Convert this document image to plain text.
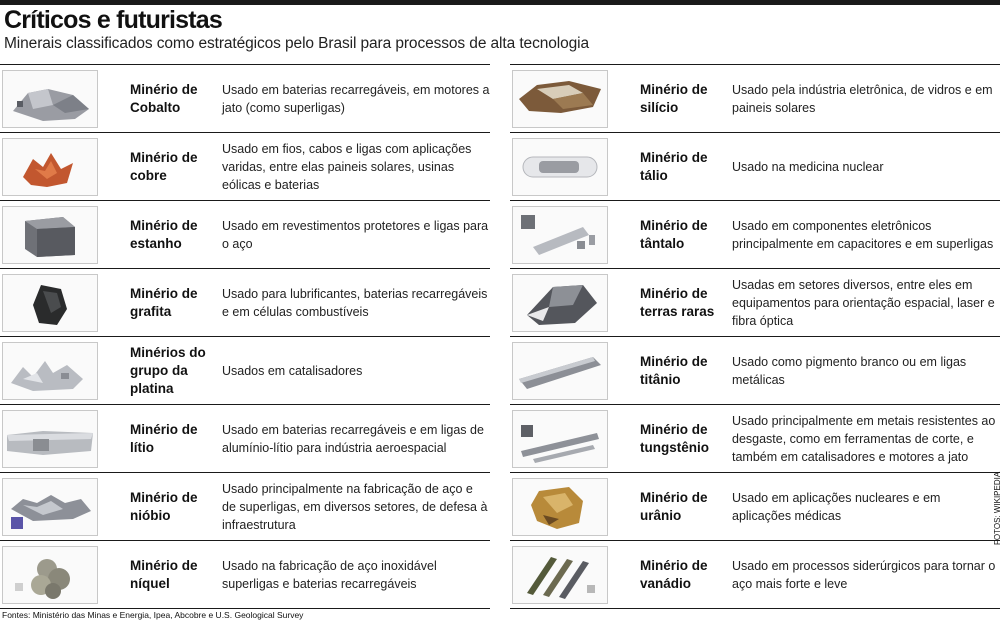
Críticos e futuristas
Minerais classificados como estratégicos pelo Brasil para processos de alta tecnologia
Minério de Cobalto
Usado em baterias recarregáveis, em motores a jato (como superligas)
Minério de cobre
Usado em fios, cabos e ligas com aplicações varidas, entre elas paineis solares, usinas eólicas e baterias
Minério de estanho
Usado em revestimentos protetores e ligas para o aço
Minério de grafita
Usado para lubrificantes, baterias recarregáveis e em células combustíveis
Minérios do grupo da platina
Usados em catalisadores
Minério de lítio
Usado em baterias recarregáveis e em ligas de alumínio-lítio para indústria aeroespacial
Minério de nióbio
Usado principalmente na fabricação de aço e de superligas, em diversos setores, de defesa à infraestrutura
Minério de níquel
Usado na fabricação de aço inoxidável superligas e baterias recarregáveis
Minério de silício
Usado pela indústria eletrônica, de vidros e em paineis solares
Minério de tálio
Usado na medicina nuclear
Minério de tântalo
Usado em componentes eletrônicos principalmente em capacitores e em superligas
Minério de terras raras
Usadas em setores diversos, entre eles em equipamentos para orientação espacial, laser e fibra óptica
Minério de titânio
Usado como pigmento branco ou em ligas metálicas
Minério de tungstênio
Usado principalmente em metais resistentes ao desgaste, como em ferramentas de corte, e também em catalisadores e motores a jato
Minério de urânio
Usado em aplicações nucleares e em aplicações médicas
Minério de vanádio
Usado em processos siderúrgicos para tornar o aço mais forte e leve
Fontes: Ministério das Minas e Energia, Ipea, Abcobre e U.S. Geological Survey
FOTOS: WIKIPEDIA
